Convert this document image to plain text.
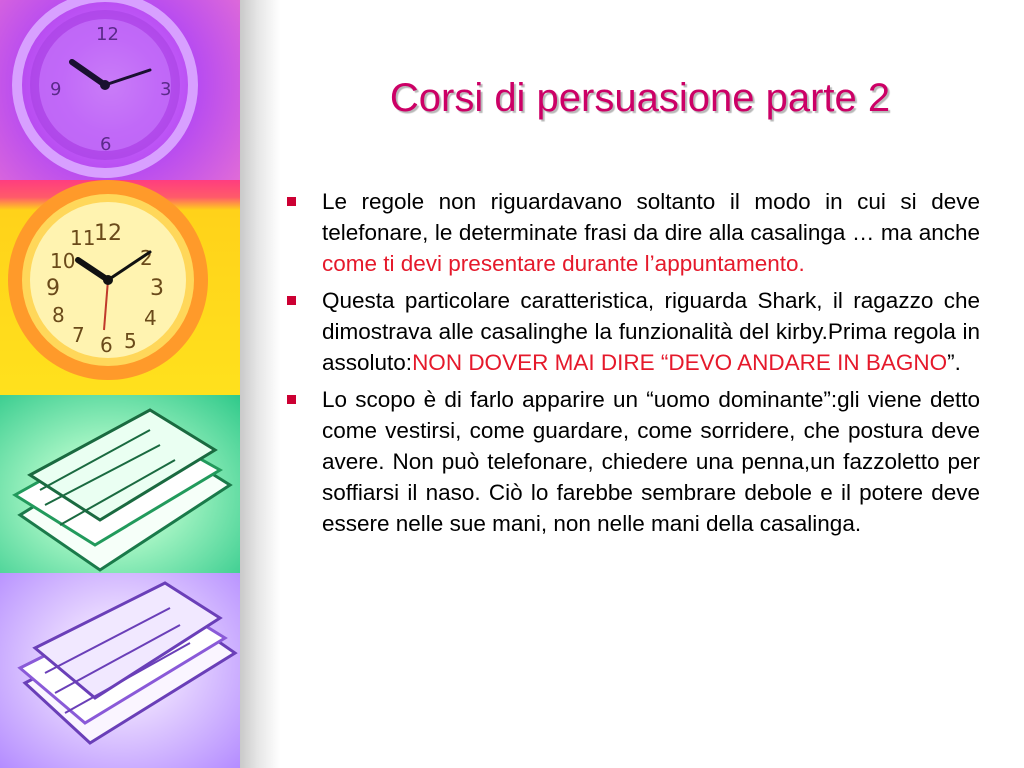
12
3
9
6
12
2
3
4
5
6
7
8
9
10
11
Corsi di persuasione parte 2
Le regole non riguardavano soltanto il modo in cui si deve telefonare, le determinate frasi da dire alla casalinga … ma anche come ti devi presentare durante l’appuntamento.
Questa particolare caratteristica, riguarda Shark, il ragazzo che dimostrava alle casalinghe la funzionalità del kirby.Prima regola in assoluto:NON DOVER MAI DIRE “DEVO ANDARE IN BAGNO”.
Lo scopo è di farlo apparire un “uomo dominante”:gli viene detto come vestirsi, come guardare, come sorridere, che postura deve avere. Non può telefonare, chiedere una penna,un fazzoletto per soffiarsi il naso. Ciò lo farebbe sembrare debole e il potere deve essere nelle sue mani, non nelle mani della casalinga.
